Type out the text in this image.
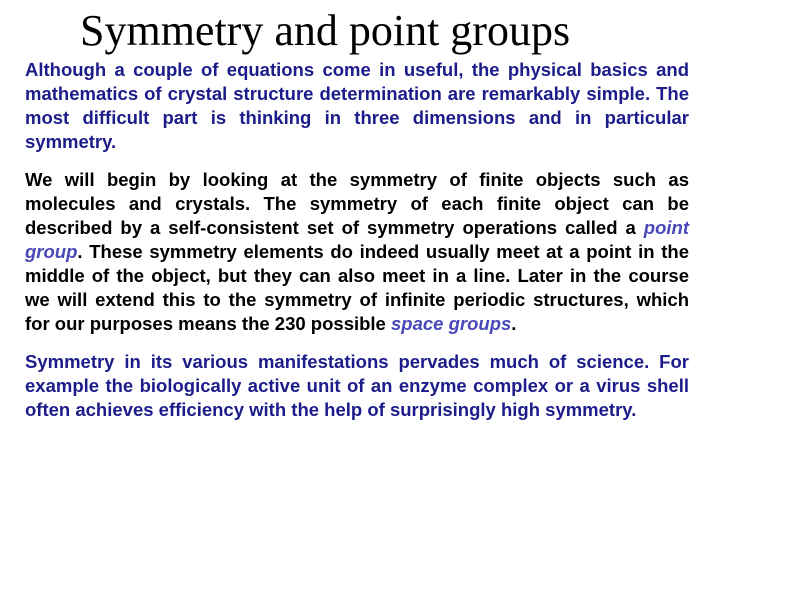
Symmetry and point groups

Although a couple of equations come in useful, the physical basics and mathematics of crystal structure determination are remarkably simple. The most difficult part is thinking in three dimensions and in particular symmetry.

We will begin by looking at the symmetry of finite objects such as molecules and crystals. The symmetry of each finite object can be described by a self-consistent set of symmetry operations called a point group. These symmetry elements do indeed usually meet at a point in the middle of the object, but they can also meet in a line. Later in the course we will extend this to the symmetry of infinite periodic structures, which for our purposes means the 230 possible space groups.

Symmetry in its various manifestations pervades much of science. For example the biologically active unit of an enzyme complex or a virus shell often achieves efficiency with the help of surprisingly high symmetry.
